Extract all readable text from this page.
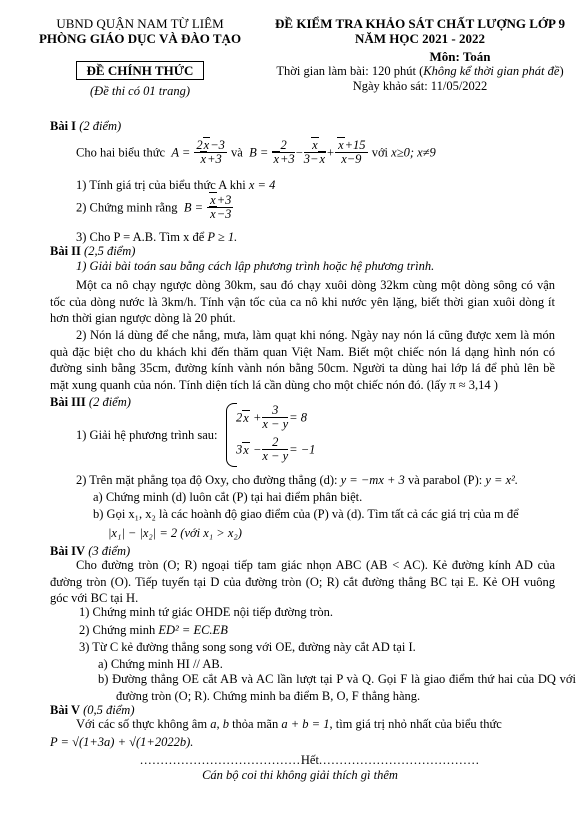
UBND QUẬN NAM TỪ LIÊM
PHÒNG GIÁO DỤC VÀ ĐÀO TẠO
ĐỀ CHÍNH THỨC
(Đề thi có 01 trang)
ĐỀ KIỂM TRA KHẢO SÁT CHẤT LƯỢNG LỚP 9
NĂM HỌC 2021 - 2022
Môn: Toán
Thời gian làm bài: 120 phút (Không kể thời gian phát đề)
Ngày khảo sát: 11/05/2022
Bài I (2 điểm)
Cho hai biểu thức  $A = \frac{2x-3}{x+3}$ và  $B = \frac{2}{x+3} - \frac{x}{3-x} + \frac{x+15}{x-9}$ với x≥0; x≠9
1) Tính giá trị của biểu thức A khi x = 4
2) Chứng minh rằng  $B = \frac{x+3}{x-3}$
3) Cho P = A.B. Tìm x để P ≥ 1.
Bài II (2,5 điểm)
1) Giải bài toán sau bằng cách lập phương trình hoặc hệ phương trình.
Một ca nô chạy ngược dòng 30km, sau đó chạy xuôi dòng 32km cùng một dòng sông có vận tốc của dòng nước là 3km/h. Tính vận tốc của ca nô khi nước yên lặng, biết thời gian xuôi dòng ít hơn thời gian ngược dòng là 20 phút.
2) Nón lá dùng để che nắng, mưa, làm quạt khi nóng. Ngày nay nón lá cũng được xem là món quà đặc biệt cho du khách khi đến thăm quan Việt Nam. Biết một chiếc nón lá dạng hình nón có đường sinh bằng 35cm, đường kính vành nón bằng 50cm. Người ta dùng hai lớp lá để phủ lên bề mặt xung quanh của nón. Tính diện tích lá cần dùng cho một chiếc nón đó. (lấy π ≈ 3,14 )
Bài III (2 điểm)
1) Giải hệ phương trình sau:
$2x + \frac{3}{x - y} = 8$
$3x - \frac{2}{x - y} = -1$
2) Trên mặt phẳng tọa độ Oxy, cho đường thẳng (d): y = −mx + 3 và parabol (P): y = x².
a) Chứng minh (d) luôn cắt (P) tại hai điểm phân biệt.
b) Gọi x₁, x₂ là các hoành độ giao điểm của (P) và (d). Tìm tất cả các giá trị của m để
|x₁| − |x₂| = 2 (với x₁ > x₂)
Bài IV (3 điểm)
Cho đường tròn (O; R) ngoại tiếp tam giác nhọn ABC (AB < AC). Kẻ đường kính AD của đường tròn (O). Tiếp tuyến tại D của đường tròn (O; R) cắt đường thẳng BC tại E. Kẻ OH vuông góc với BC tại H.
1) Chứng minh tứ giác OHDE nội tiếp đường tròn.
2) Chứng minh ED² = EC.EB
3) Từ C kẻ đường thẳng song song với OE, đường này cắt AD tại I.
a) Chứng minh HI // AB.
b) Đường thẳng OE cắt AB và AC lần lượt tại P và Q. Gọi F là giao điểm thứ hai của DQ với đường tròn (O; R). Chứng minh ba điểm B, O, F thẳng hàng.
Bài V (0,5 điểm)
Với các số thực không âm a, b thỏa mãn a + b = 1, tìm giá trị nhỏ nhất của biểu thức
P = √(1+3a) + √(1+2022b).
.......................................Hết.......................................
Cán bộ coi thi không giải thích gì thêm
